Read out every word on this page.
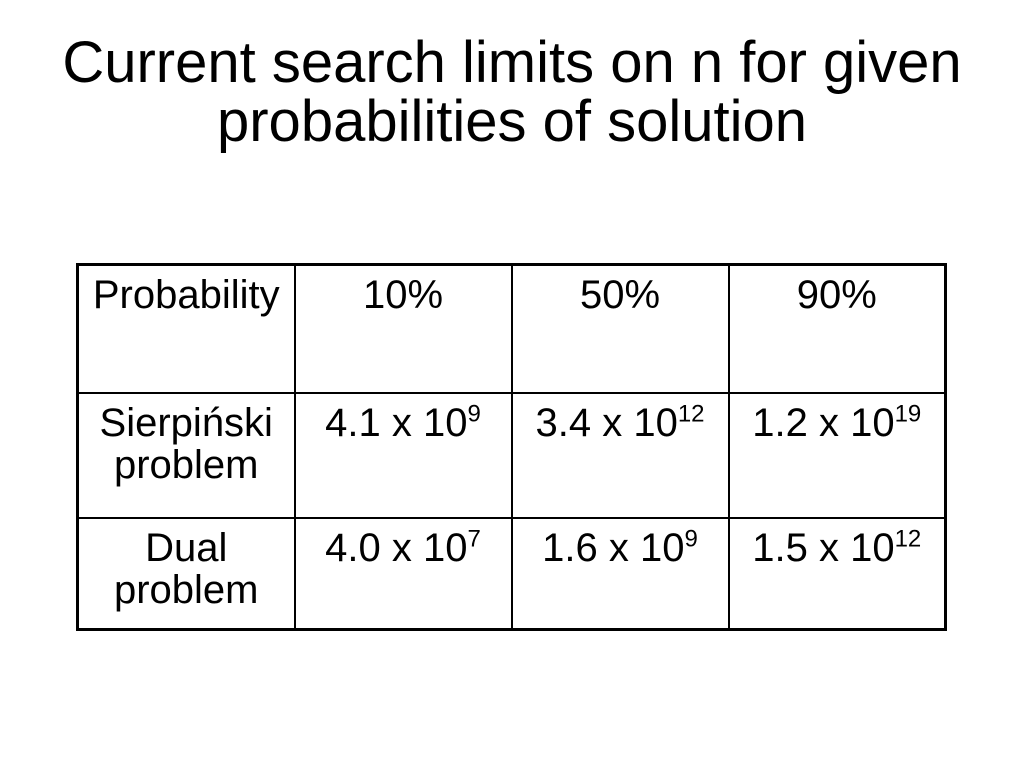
Current search limits on n for given probabilities of solution
Probability	10%	50%	90%
Sierpiński problem	4.1 x $10^9$	3.4 x $10^{12}$	1.2 x $10^{19}$
Dual problem	4.0 x $10^7$	1.6 x $10^9$	1.5 x $10^{12}$
